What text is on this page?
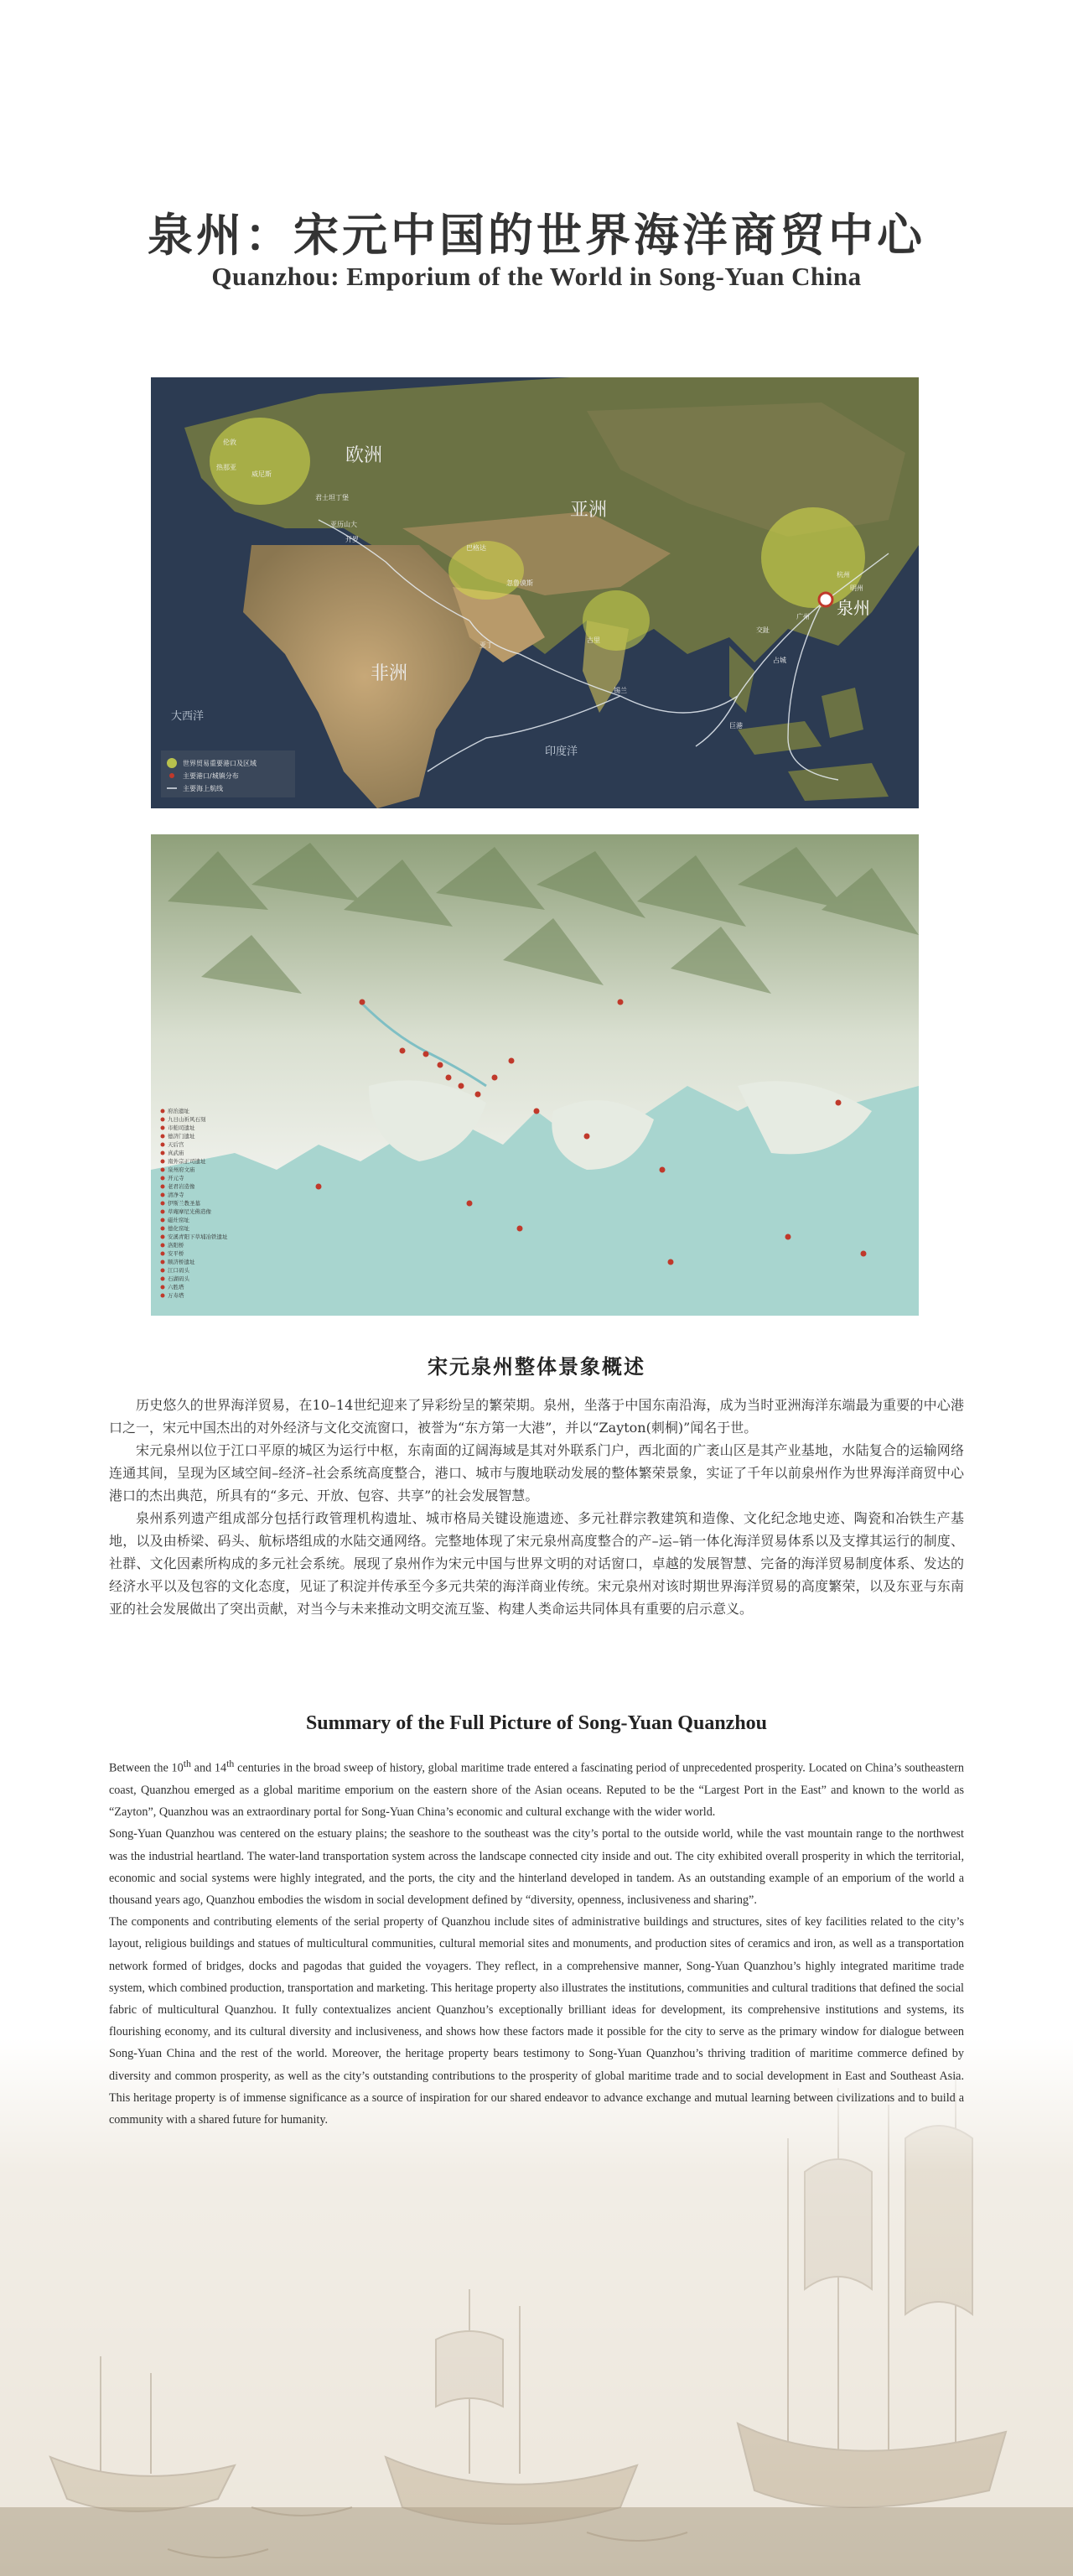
泉州：宋元中国的世界海洋商贸中心
Quanzhou: Emporium of the World in Song-Yuan China
欧洲
亚洲
非洲
泉州
大西洋
印度洋
伦敦
热那亚
威尼斯
君士坦丁堡
亚历山大
开罗
巴格达
忽鲁谟斯
亚丁
古里
锡兰
巨港
杭州
明州
广州
交趾
占城
世界贸易重要港口及区域
主要港口/城镇分布
主要海上航线
府治遗址
九日山祈风石刻
市舶司遗址
德济门遗址
天后宫
真武庙
南外宗正司遗址
泉州府文庙
开元寺
老君岩造像
清净寺
伊斯兰教圣墓
草庵摩尼光佛造像
磁灶窑址
德化窑址
安溪青阳下草埔冶铁遗址
洛阳桥
安平桥
顺济桥遗址
江口码头
石湖码头
六胜塔
万寿塔
宋元泉州整体景象概述

历史悠久的世界海洋贸易，在10–14世纪迎来了异彩纷呈的繁荣期。泉州，坐落于中国东南沿海，成为当时亚洲海洋东端最为重要的中心港口之一，宋元中国杰出的对外经济与文化交流窗口，被誉为“东方第一大港”，并以“Zayton(刺桐)”闻名于世。

宋元泉州以位于江口平原的城区为运行中枢，东南面的辽阔海域是其对外联系门户，西北面的广袤山区是其产业基地，水陆复合的运输网络连通其间，呈现为区域空间–经济–社会系统高度整合，港口、城市与腹地联动发展的整体繁荣景象，实证了千年以前泉州作为世界海洋商贸中心港口的杰出典范，所具有的“多元、开放、包容、共享”的社会发展智慧。

泉州系列遗产组成部分包括行政管理机构遗址、城市格局关键设施遗迹、多元社群宗教建筑和造像、文化纪念地史迹、陶瓷和冶铁生产基地，以及由桥梁、码头、航标塔组成的水陆交通网络。完整地体现了宋元泉州高度整合的产–运–销一体化海洋贸易体系以及支撑其运行的制度、社群、文化因素所构成的多元社会系统。展现了泉州作为宋元中国与世界文明的对话窗口，卓越的发展智慧、完备的海洋贸易制度体系、发达的经济水平以及包容的文化态度，见证了积淀并传承至今多元共荣的海洋商业传统。宋元泉州对该时期世界海洋贸易的高度繁荣，以及东亚与东南亚的社会发展做出了突出贡献，对当今与未来推动文明交流互鉴、构建人类命运共同体具有重要的启示意义。

Summary of the Full Picture of Song-Yuan Quanzhou

Between the 10th and 14th centuries in the broad sweep of history, global maritime trade entered a fascinating period of unprecedented prosperity. Located on China’s southeastern coast, Quanzhou emerged as a global maritime emporium on the eastern shore of the Asian oceans. Reputed to be the “Largest Port in the East” and known to the world as “Zayton”, Quanzhou was an extraordinary portal for Song-Yuan China’s economic and cultural exchange with the wider world.

Song-Yuan Quanzhou was centered on the estuary plains; the seashore to the southeast was the city’s portal to the outside world, while the vast mountain range to the northwest was the industrial heartland. The water-land transportation system across the landscape connected city inside and out. The city exhibited overall prosperity in which the territorial, economic and social systems were highly integrated, and the ports, the city and the hinterland developed in tandem. As an outstanding example of an emporium of the world a thousand years ago, Quanzhou embodies the wisdom in social development defined by “diversity, openness, inclusiveness and sharing”.

The components and contributing elements of the serial property of Quanzhou include sites of administrative buildings and structures, sites of key facilities related to the city’s layout, religious buildings and statues of multicultural communities, cultural memorial sites and monuments, and production sites of ceramics and iron, as well as a transportation network formed of bridges, docks and pagodas that guided the voyagers. They reflect, in a comprehensive manner, Song-Yuan Quanzhou’s highly integrated maritime trade system, which combined production, transportation and marketing. This heritage property also illustrates the institutions, communities and cultural traditions that defined the social fabric of multicultural Quanzhou. It fully contextualizes ancient Quanzhou’s exceptionally brilliant ideas for development, its comprehensive institutions and systems, its flourishing economy, and its cultural diversity and inclusiveness, and shows how these factors made it possible for the city to serve as the primary window for dialogue between Song-Yuan China and the rest of the world. Moreover, the heritage property bears testimony to Song-Yuan Quanzhou’s thriving tradition of maritime commerce defined by diversity and common prosperity, as well as the city’s outstanding contributions to the prosperity of global maritime trade and to social development in East and Southeast Asia. This heritage property is of immense significance as a source of inspiration for our shared endeavor to advance exchange and mutual learning between civilizations and to build a community with a shared future for humanity.
